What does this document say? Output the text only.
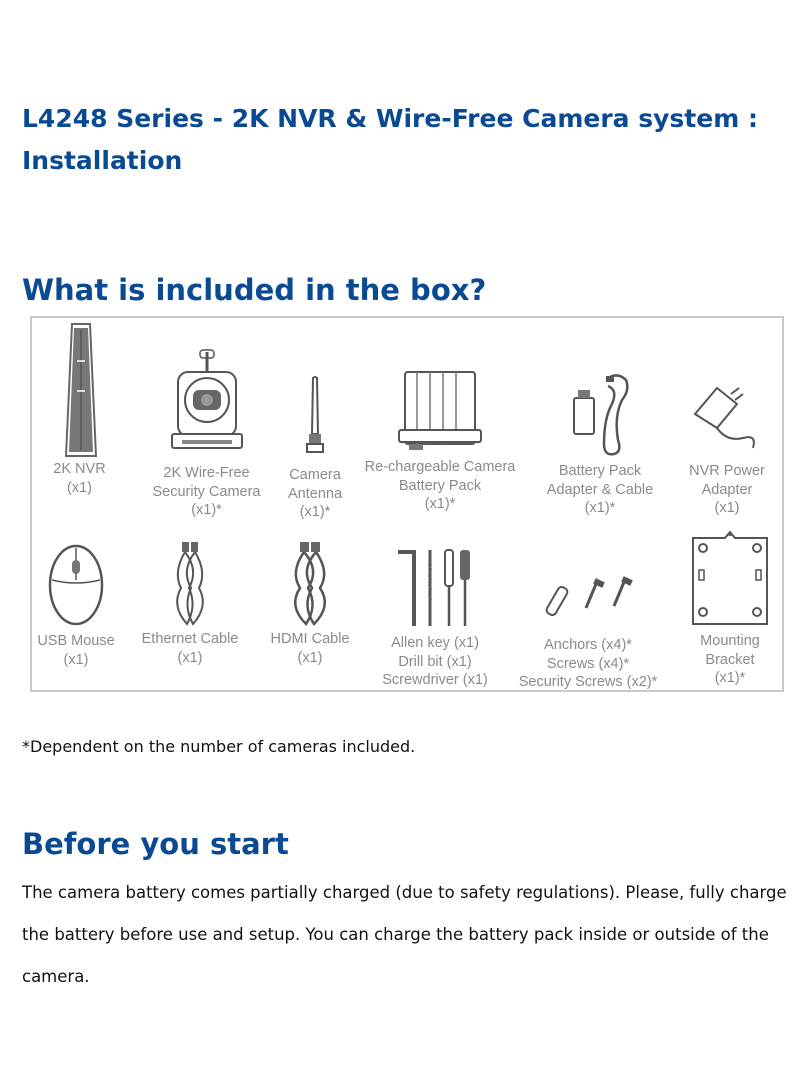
L4248 Series - 2K NVR & Wire-Free Camera system : Installation
What is included in the box?
2K NVR
(x1)
2K Wire-Free
Security Camera
(x1)*
Camera
Antenna
(x1)*
Re-chargeable Camera
Battery Pack
(x1)*
Battery Pack
Adapter & Cable
(x1)*
NVR Power
Adapter
(x1)
USB Mouse
(x1)
Ethernet Cable
(x1)
HDMI Cable
(x1)
Allen key (x1)
Drill bit (x1)
Screwdriver (x1)
Anchors (x4)*
Screws (x4)*
Security Screws (x2)*
Mounting
Bracket
(x1)*

*Dependent on the number of cameras included.

Before you start

The camera battery comes partially charged (due to safety regulations). Please, fully charge the battery before use and setup. You can charge the battery pack inside or outside of the camera.
